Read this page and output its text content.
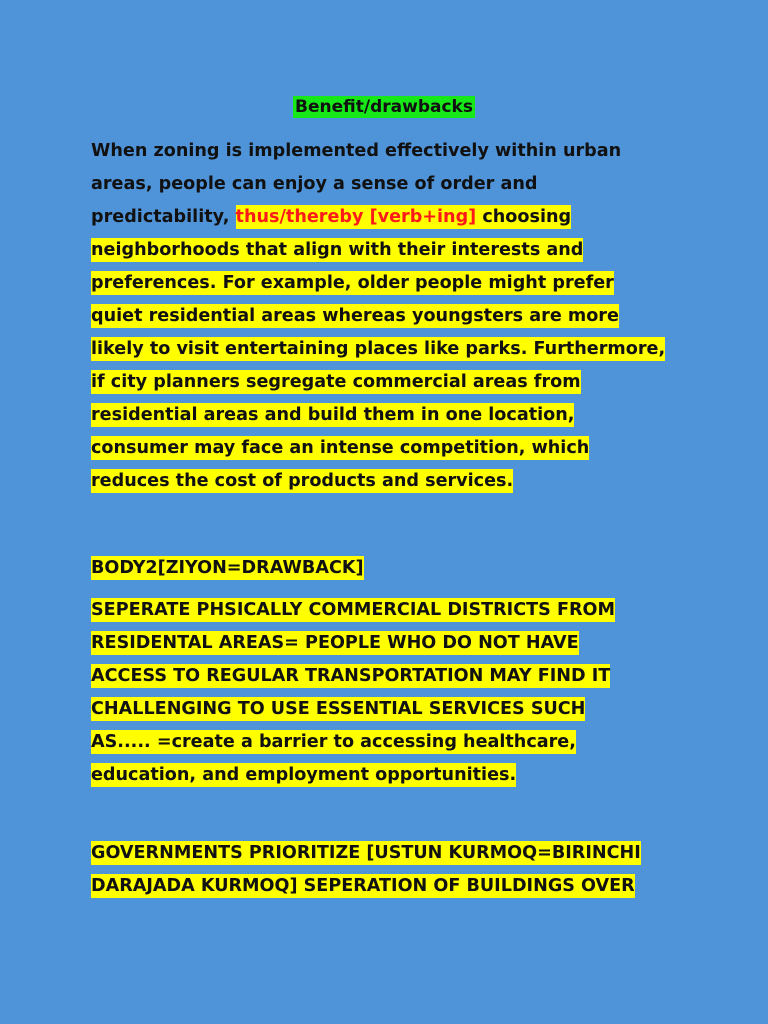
Benefit/drawbacks
When zoning is implemented effectively within urban
areas, people can enjoy a sense of order and
predictability, thus/thereby [verb+ing] choosing
neighborhoods that align with their interests and
preferences. For example, older people might prefer
quiet residential areas whereas youngsters are more
likely to visit entertaining places like parks. Furthermore,
if city planners segregate commercial areas from
residential areas and build them in one location,
consumer may face an intense competition, which
reduces the cost of products and services.
BODY2[ZIYON=DRAWBACK]
SEPERATE PHSICALLY COMMERCIAL DISTRICTS FROM
RESIDENTAL AREAS= PEOPLE WHO DO NOT HAVE
ACCESS TO REGULAR TRANSPORTATION MAY FIND IT
CHALLENGING TO USE ESSENTIAL SERVICES SUCH
AS..... =create a barrier to accessing healthcare,
education, and employment opportunities.
GOVERNMENTS PRIORITIZE [USTUN KURMOQ=BIRINCHI
DARAJADA KURMOQ] SEPERATION OF BUILDINGS OVER
